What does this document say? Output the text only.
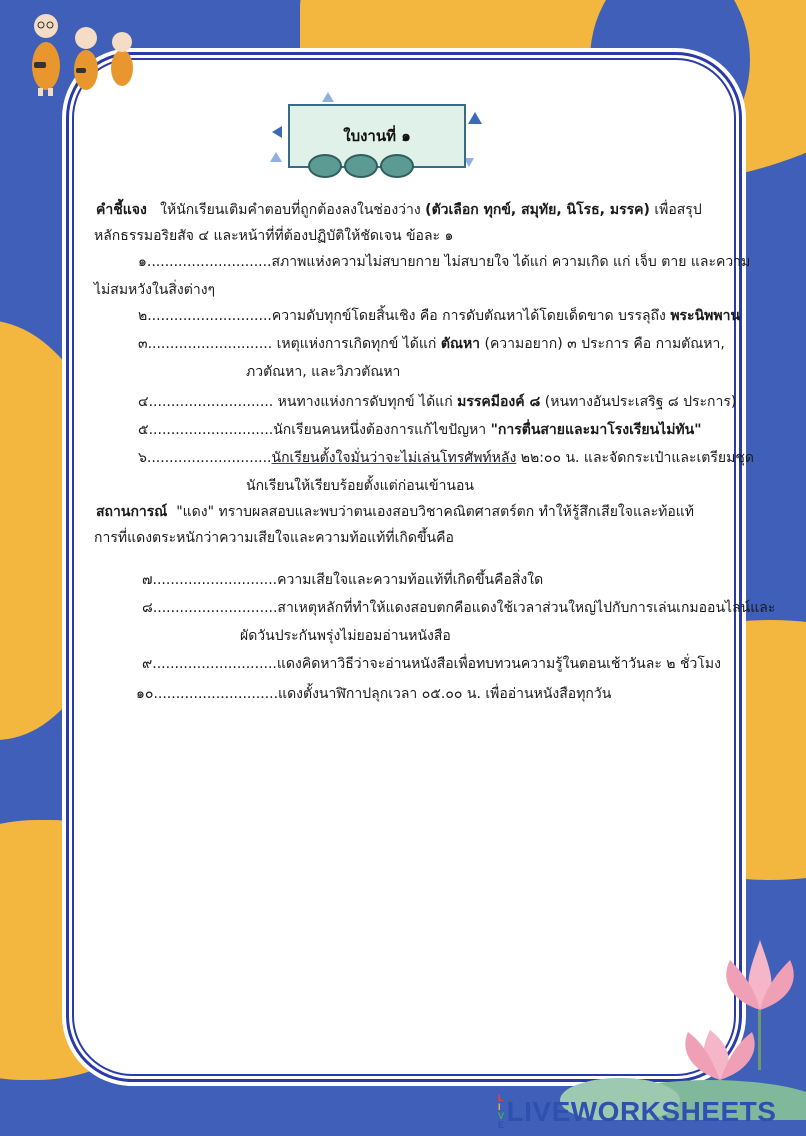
ใบงานที่ ๑
คำชี้แจง ให้นักเรียนเติมคำตอบที่ถูกต้องลงในช่องว่าง (ตัวเลือก ทุกข์, สมุทัย, นิโรธ, มรรค) เพื่อสรุป
หลักธรรมอริยสัจ ๔ และหน้าที่ที่ต้องปฏิบัติให้ชัดเจน ข้อละ ๑
๑............................สภาพแห่งความไม่สบายกาย ไม่สบายใจ ได้แก่ ความเกิด แก่ เจ็บ ตาย และความ
ไม่สมหวังในสิ่งต่างๆ
๒............................ความดับทุกข์โดยสิ้นเชิง คือ การดับตัณหาได้โดยเด็ดขาด บรรลุถึง พระนิพพาน
๓............................ เหตุแห่งการเกิดทุกข์ ได้แก่ ตัณหา (ความอยาก) ๓ ประการ คือ กามตัณหา,
ภวตัณหา, และวิภวตัณหา
๔............................ หนทางแห่งการดับทุกข์ ได้แก่ มรรคมีองค์ ๘ (หนทางอันประเสริฐ ๘ ประการ)
๕............................นักเรียนคนหนึ่งต้องการแก้ไขปัญหา "การตื่นสายและมาโรงเรียนไม่ทัน"
๖............................นักเรียนตั้งใจมั่นว่าจะไม่เล่นโทรศัพท์หลัง ๒๒:๐๐ น. และจัดกระเป๋าและเตรียมชุด
นักเรียนให้เรียบร้อยตั้งแต่ก่อนเข้านอน
สถานการณ์ "แดง" ทราบผลสอบและพบว่าตนเองสอบวิชาคณิตศาสตร์ตก ทำให้รู้สึกเสียใจและท้อแท้
การที่แดงตระหนักว่าความเสียใจและความท้อแท้ที่เกิดขึ้นคือ
๗............................ความเสียใจและความท้อแท้ที่เกิดขึ้นคือสิ่งใด
๘............................สาเหตุหลักที่ทำให้แดงสอบตกคือแดงใช้เวลาส่วนใหญ่ไปกับการเล่นเกมออนไลน์และ
ผัดวันประกันพรุ่งไม่ยอมอ่านหนังสือ
๙............................แดงคิดหาวิธีว่าจะอ่านหนังสือเพื่อทบทวนความรู้ในตอนเช้าวันละ ๒ ชั่วโมง
๑๐............................แดงตั้งนาฬิกาปลุกเวลา ๐๕.๐๐ น. เพื่ออ่านหนังสือทุกวัน
L
I
V
E LIVEWORKSHEETS
